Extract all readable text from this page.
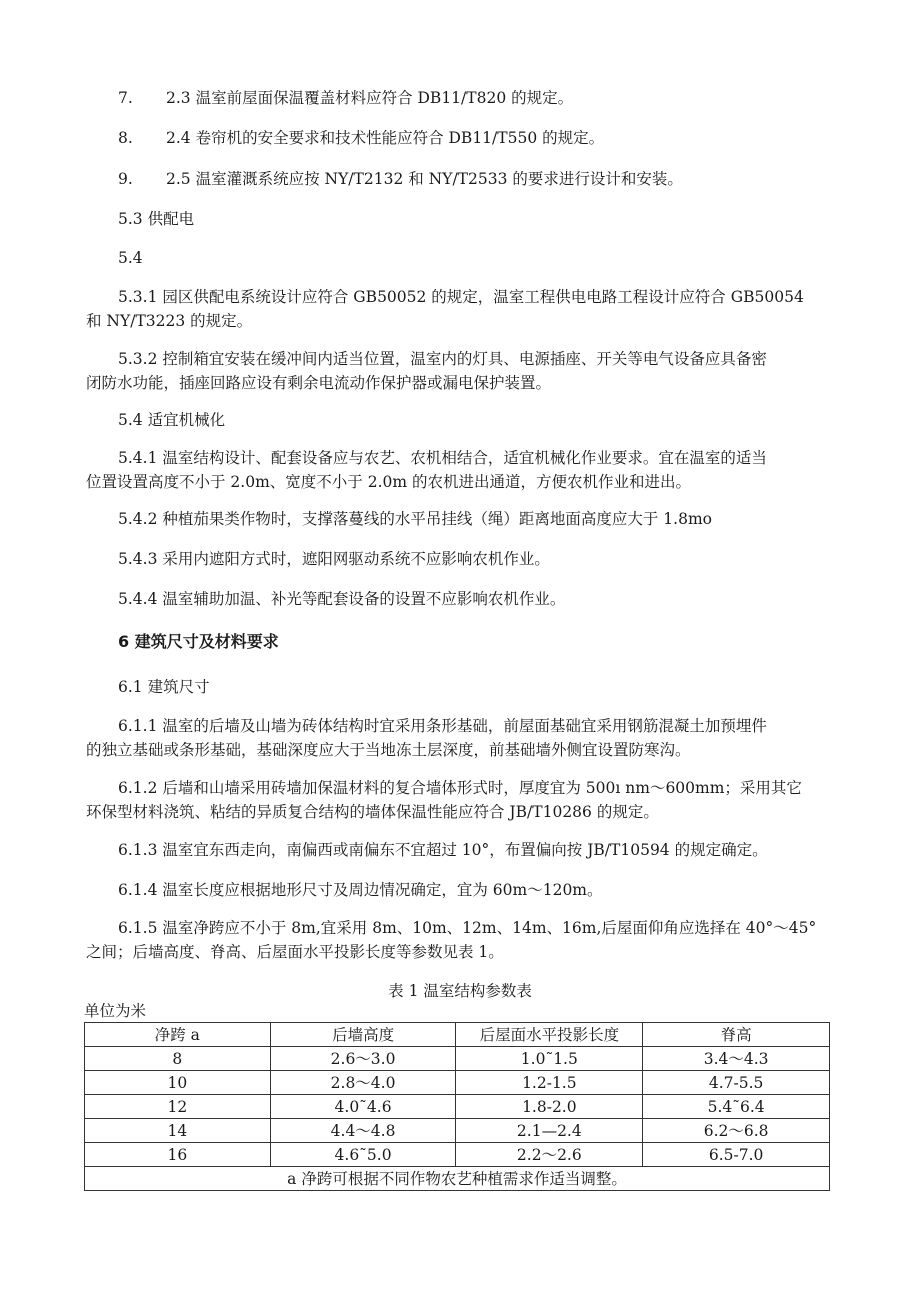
7. 2.3 温室前屋面保温覆盖材料应符合 DB11/T820 的规定。
8. 2.4 卷帘机的安全要求和技术性能应符合 DB11/T550 的规定。
9. 2.5 温室灌溉系统应按 NY/T2132 和 NY/T2533 的要求进行设计和安装。

5.3 供配电

5.4

5.3.1 园区供配电系统设计应符合 GB50052 的规定，温室工程供电电路工程设计应符合 GB50054

和 NY/T3223 的规定。

5.3.2 控制箱宜安装在缓冲间内适当位置，温室内的灯具、电源插座、开关等电气设备应具备密

闭防水功能，插座回路应设有剩余电流动作保护器或漏电保护装置。

5.4 适宜机械化

5.4.1 温室结构设计、配套设备应与农艺、农机相结合，适宜机械化作业要求。宜在温室的适当

位置设置高度不小于 2.0m、宽度不小于 2.0m 的农机进出通道，方便农机作业和进出。

5.4.2 种植茄果类作物时，支撑落蔓线的水平吊挂线（绳）距离地面高度应大于 1.8mo

5.4.3 采用内遮阳方式时，遮阳网驱动系统不应影响农机作业。

5.4.4 温室辅助加温、补光等配套设备的设置不应影响农机作业。

6 建筑尺寸及材料要求

6.1 建筑尺寸

6.1.1 温室的后墙及山墙为砖体结构时宜采用条形基础，前屋面基础宜采用钢筋混凝土加预埋件

的独立基础或条形基础，基础深度应大于当地冻土层深度，前基础墙外侧宜设置防寒沟。

6.1.2 后墙和山墙采用砖墙加保温材料的复合墙体形式时，厚度宜为 500ı nm～600mm；采用其它

环保型材料浇筑、粘结的异质复合结构的墙体保温性能应符合 JB/T10286 的规定。

6.1.3 温室宜东西走向，南偏西或南偏东不宜超过 10°，布置偏向按 JB/T10594 的规定确定。

6.1.4 温室长度应根据地形尺寸及周边情况确定，宜为 60m～120m。

6.1.5 温室净跨应不小于 8m,宜采用 8m、10m、12m、14m、16m,后屋面仰角应选择在 40°～45°

之间；后墙高度、脊高、后屋面水平投影长度等参数见表 1。

表 1 温室结构参数表
单位为米
净跨 a	后墙高度	后屋面水平投影长度	脊高
8	2.6～3.0	1.0˜1.5	3.4～4.3
10	2.8～4.0	1.2-1.5	4.7-5.5
12	4.0˜4.6	1.8-2.0	5.4˜6.4
14	4.4～4.8	2.1—2.4	6.2～6.8
16	4.6˜5.0	2.2～2.6	6.5-7.0
a 净跨可根据不同作物农艺种植需求作适当调整。			
